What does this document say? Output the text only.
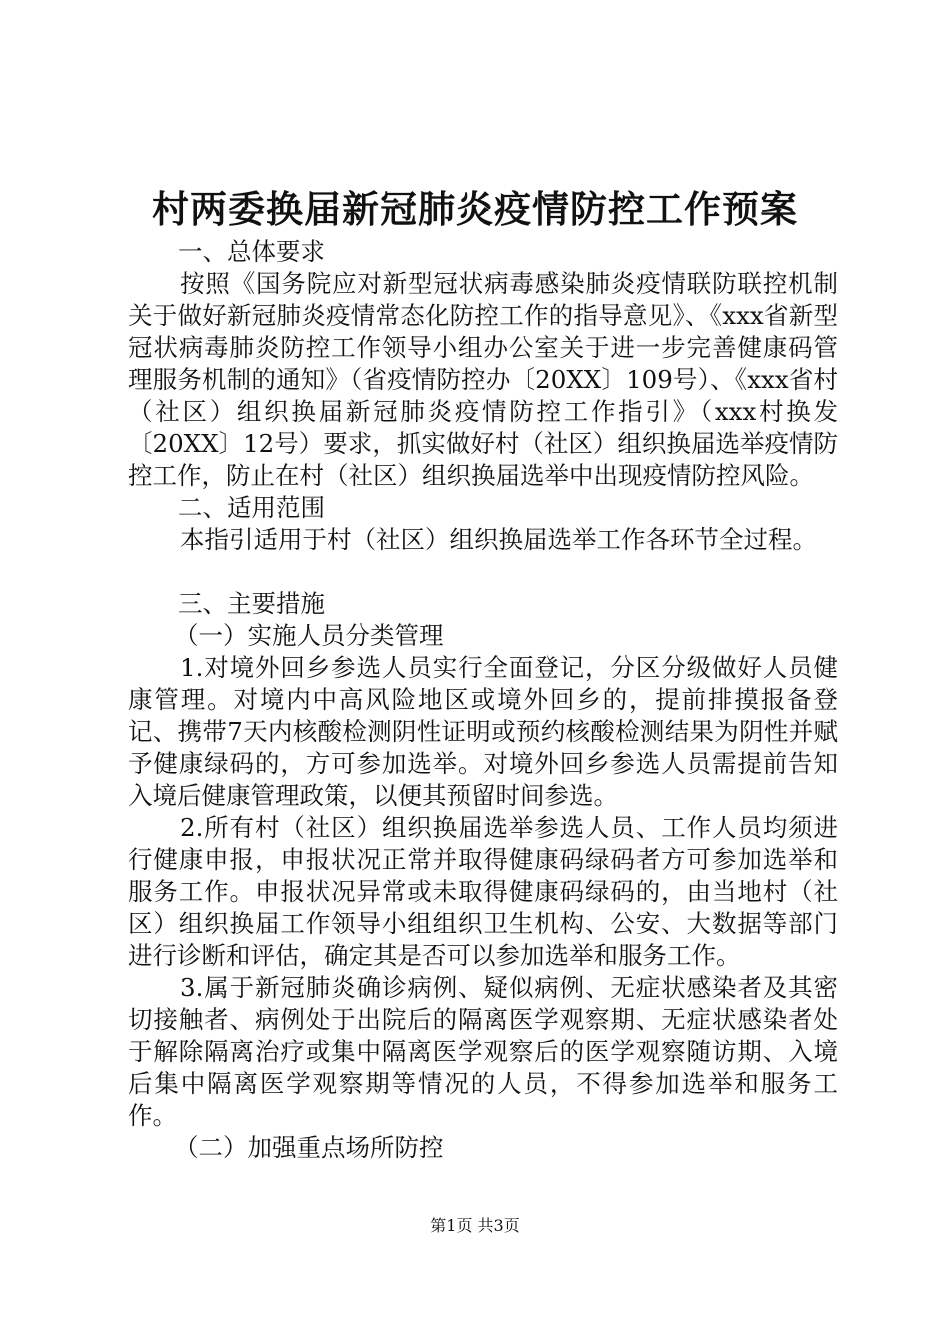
村两委换届新冠肺炎疫情防控工作预案

一、总体要求

按照《国务院应对新型冠状病毒感染肺炎疫情联防联控机制关于做好新冠肺炎疫情常态化防控工作的指导意见》、《xxx省新型冠状病毒肺炎防控工作领导小组办公室关于进一步完善健康码管理服务机制的通知》（省疫情防控办〔20XX〕109号）、《xxx省村（社区）组织换届新冠肺炎疫情防控工作指引》（xxx村换发〔20XX〕12号）要求，抓实做好村（社区）组织换届选举疫情防控工作，防止在村（社区）组织换届选举中出现疫情防控风险。

二、适用范围

本指引适用于村（社区）组织换届选举工作各环节全过程。

三、主要措施

（一）实施人员分类管理

1.对境外回乡参选人员实行全面登记，分区分级做好人员健康管理。对境内中高风险地区或境外回乡的，提前排摸报备登记、携带7天内核酸检测阴性证明或预约核酸检测结果为阴性并赋予健康绿码的，方可参加选举。对境外回乡参选人员需提前告知入境后健康管理政策，以便其预留时间参选。

2.所有村（社区）组织换届选举参选人员、工作人员均须进行健康申报，申报状况正常并取得健康码绿码者方可参加选举和服务工作。申报状况异常或未取得健康码绿码的，由当地村（社区）组织换届工作领导小组组织卫生机构、公安、大数据等部门进行诊断和评估，确定其是否可以参加选举和服务工作。

3.属于新冠肺炎确诊病例、疑似病例、无症状感染者及其密切接触者、病例处于出院后的隔离医学观察期、无症状感染者处于解除隔离治疗或集中隔离医学观察后的医学观察随访期、入境后集中隔离医学观察期等情况的人员，不得参加选举和服务工作。

（二）加强重点场所防控

第1页 共3页
